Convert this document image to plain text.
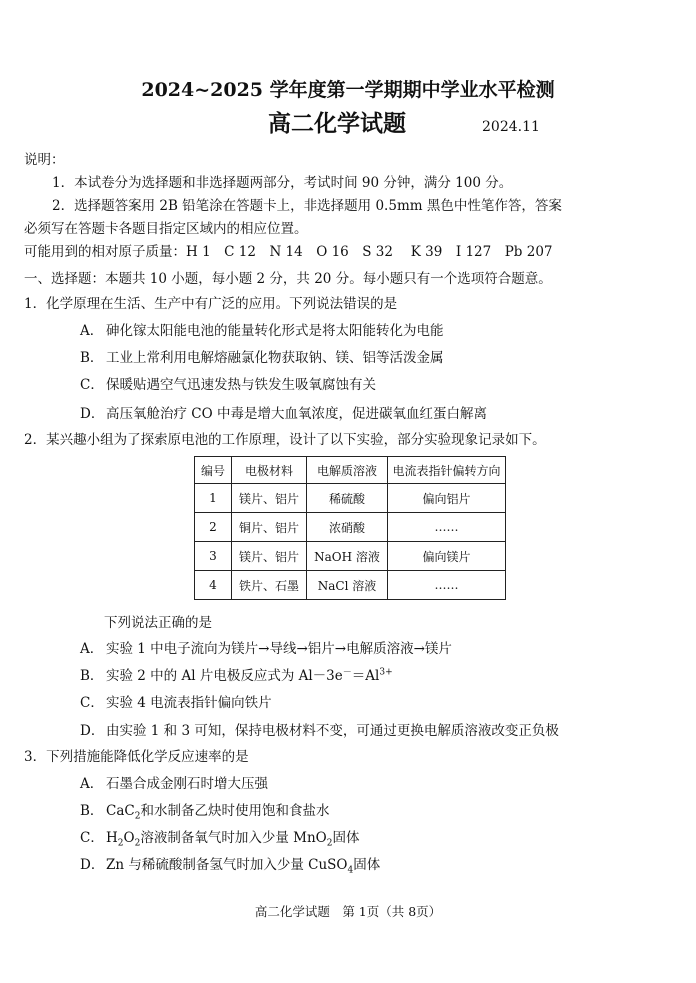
2024~2025 学年度第一学期期中学业水平检测
高二化学试题	2024.11
说明：
1．本试卷分为选择题和非选择题两部分，考试时间 90 分钟，满分 100 分。
2．选择题答案用 2B 铅笔涂在答题卡上，非选择题用 0.5mm 黑色中性笔作答，答案
必须写在答题卡各题目指定区域内的相应位置。
可能用到的相对原子质量：H 1　C 12　N 14　O 16　S 32　 K 39　I 127　Pb 207
一、选择题：本题共 10 小题，每小题 2 分，共 20 分。每小题只有一个选项符合题意。
1．化学原理在生活、生产中有广泛的应用。下列说法错误的是
A． 砷化镓太阳能电池的能量转化形式是将太阳能转化为电能
B． 工业上常利用电解熔融氯化物获取钠、镁、铝等活泼金属
C． 保暖贴遇空气迅速发热与铁发生吸氧腐蚀有关
D． 高压氧舱治疗 CO 中毒是增大血氧浓度，促进碳氧血红蛋白解离
2．某兴趣小组为了探索原电池的工作原理，设计了以下实验，部分实验现象记录如下。
编号	电极材料	电解质溶液	电流表指针偏转方向
1	镁片、铝片	稀硫酸	偏向铝片
2	铜片、铝片	浓硝酸	……
3	镁片、铝片	NaOH 溶液	偏向镁片
4	铁片、石墨	NaCl 溶液	……
下列说法正确的是
A． 实验 1 中电子流向为镁片→导线→铝片→电解质溶液→镁片
B． 实验 2 中的 Al 片电极反应式为 $Al-3e^-=Al^{3+}$
C． 实验 4 电流表指针偏向铁片
D． 由实验 1 和 3 可知，保持电极材料不变，可通过更换电解质溶液改变正负极
3．下列措施能降低化学反应速率的是
A． 石墨合成金刚石时增大压强
B． CaC$_2$和水制备乙炔时使用饱和食盐水
C． $H_2O_2$溶液制备氧气时加入少量 MnO$_2$固体
D． Zn 与稀硫酸制备氢气时加入少量 CuSO$_4$固体
高二化学试题　第 1页（共 8页）
